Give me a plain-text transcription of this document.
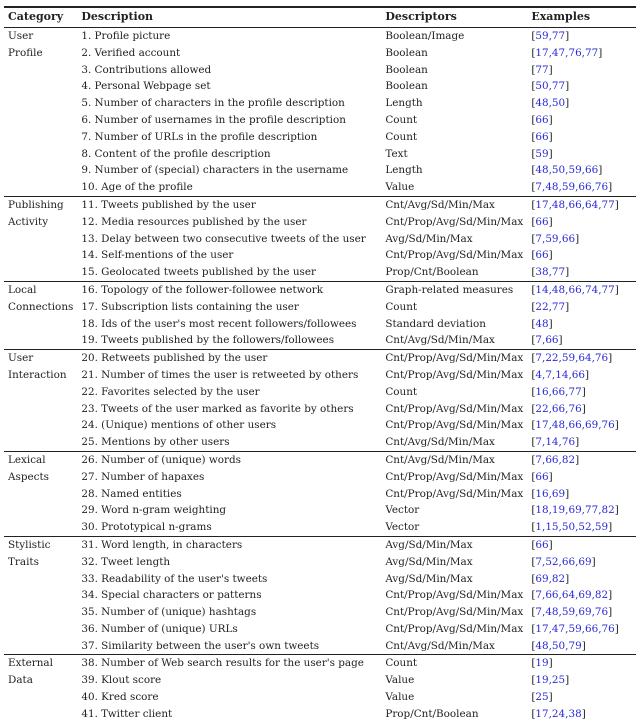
Category	Description	Descriptors	Examples
User	1. Profile picture	Boolean/Image	[59,77]
Profile	2. Verified account	Boolean	[17,47,76,77]
	3. Contributions allowed	Boolean	[77]
	4. Personal Webpage set	Boolean	[50,77]
	5. Number of characters in the profile description	Length	[48,50]
	6. Number of usernames in the profile description	Count	[66]
	7. Number of URLs in the profile description	Count	[66]
	8. Content of the profile description	Text	[59]
	9. Number of (special) characters in the username	Length	[48,50,59,66]
	10. Age of the profile	Value	[7,48,59,66,76]
Publishing	11. Tweets published by the user	Cnt/Avg/Sd/Min/Max	[17,48,66,64,77]
Activity	12. Media resources published by the user	Cnt/Prop/Avg/Sd/Min/Max	[66]
	13. Delay between two consecutive tweets of the user	Avg/Sd/Min/Max	[7,59,66]
	14. Self-mentions of the user	Cnt/Prop/Avg/Sd/Min/Max	[66]
	15. Geolocated tweets published by the user	Prop/Cnt/Boolean	[38,77]
Local	16. Topology of the follower-followee network	Graph-related measures	[14,48,66,74,77]
Connections	17. Subscription lists containing the user	Count	[22,77]
	18. Ids of the user's most recent followers/followees	Standard deviation	[48]
	19. Tweets published by the followers/followees	Cnt/Avg/Sd/Min/Max	[7,66]
User	20. Retweets published by the user	Cnt/Prop/Avg/Sd/Min/Max	[7,22,59,64,76]
Interaction	21. Number of times the user is retweeted by others	Cnt/Prop/Avg/Sd/Min/Max	[4,7,14,66]
	22. Favorites selected by the user	Count	[16,66,77]
	23. Tweets of the user marked as favorite by others	Cnt/Prop/Avg/Sd/Min/Max	[22,66,76]
	24. (Unique) mentions of other users	Cnt/Prop/Avg/Sd/Min/Max	[17,48,66,69,76]
	25. Mentions by other users	Cnt/Avg/Sd/Min/Max	[7,14,76]
Lexical	26. Number of (unique) words	Cnt/Avg/Sd/Min/Max	[7,66,82]
Aspects	27. Number of hapaxes	Cnt/Prop/Avg/Sd/Min/Max	[66]
	28. Named entities	Cnt/Prop/Avg/Sd/Min/Max	[16,69]
	29. Word n-gram weighting	Vector	[18,19,69,77,82]
	30. Prototypical n-grams	Vector	[1,15,50,52,59]
Stylistic	31. Word length, in characters	Avg/Sd/Min/Max	[66]
Traits	32. Tweet length	Avg/Sd/Min/Max	[7,52,66,69]
	33. Readability of the user's tweets	Avg/Sd/Min/Max	[69,82]
	34. Special characters or patterns	Cnt/Prop/Avg/Sd/Min/Max	[7,66,64,69,82]
	35. Number of (unique) hashtags	Cnt/Prop/Avg/Sd/Min/Max	[7,48,59,69,76]
	36. Number of (unique) URLs	Cnt/Prop/Avg/Sd/Min/Max	[17,47,59,66,76]
	37. Similarity between the user's own tweets	Cnt/Avg/Sd/Min/Max	[48,50,79]
External	38. Number of Web search results for the user's page	Count	[19]
Data	39. Klout score	Value	[19,25]
	40. Kred score	Value	[25]
	41. Twitter client	Prop/Cnt/Boolean	[17,24,38]
